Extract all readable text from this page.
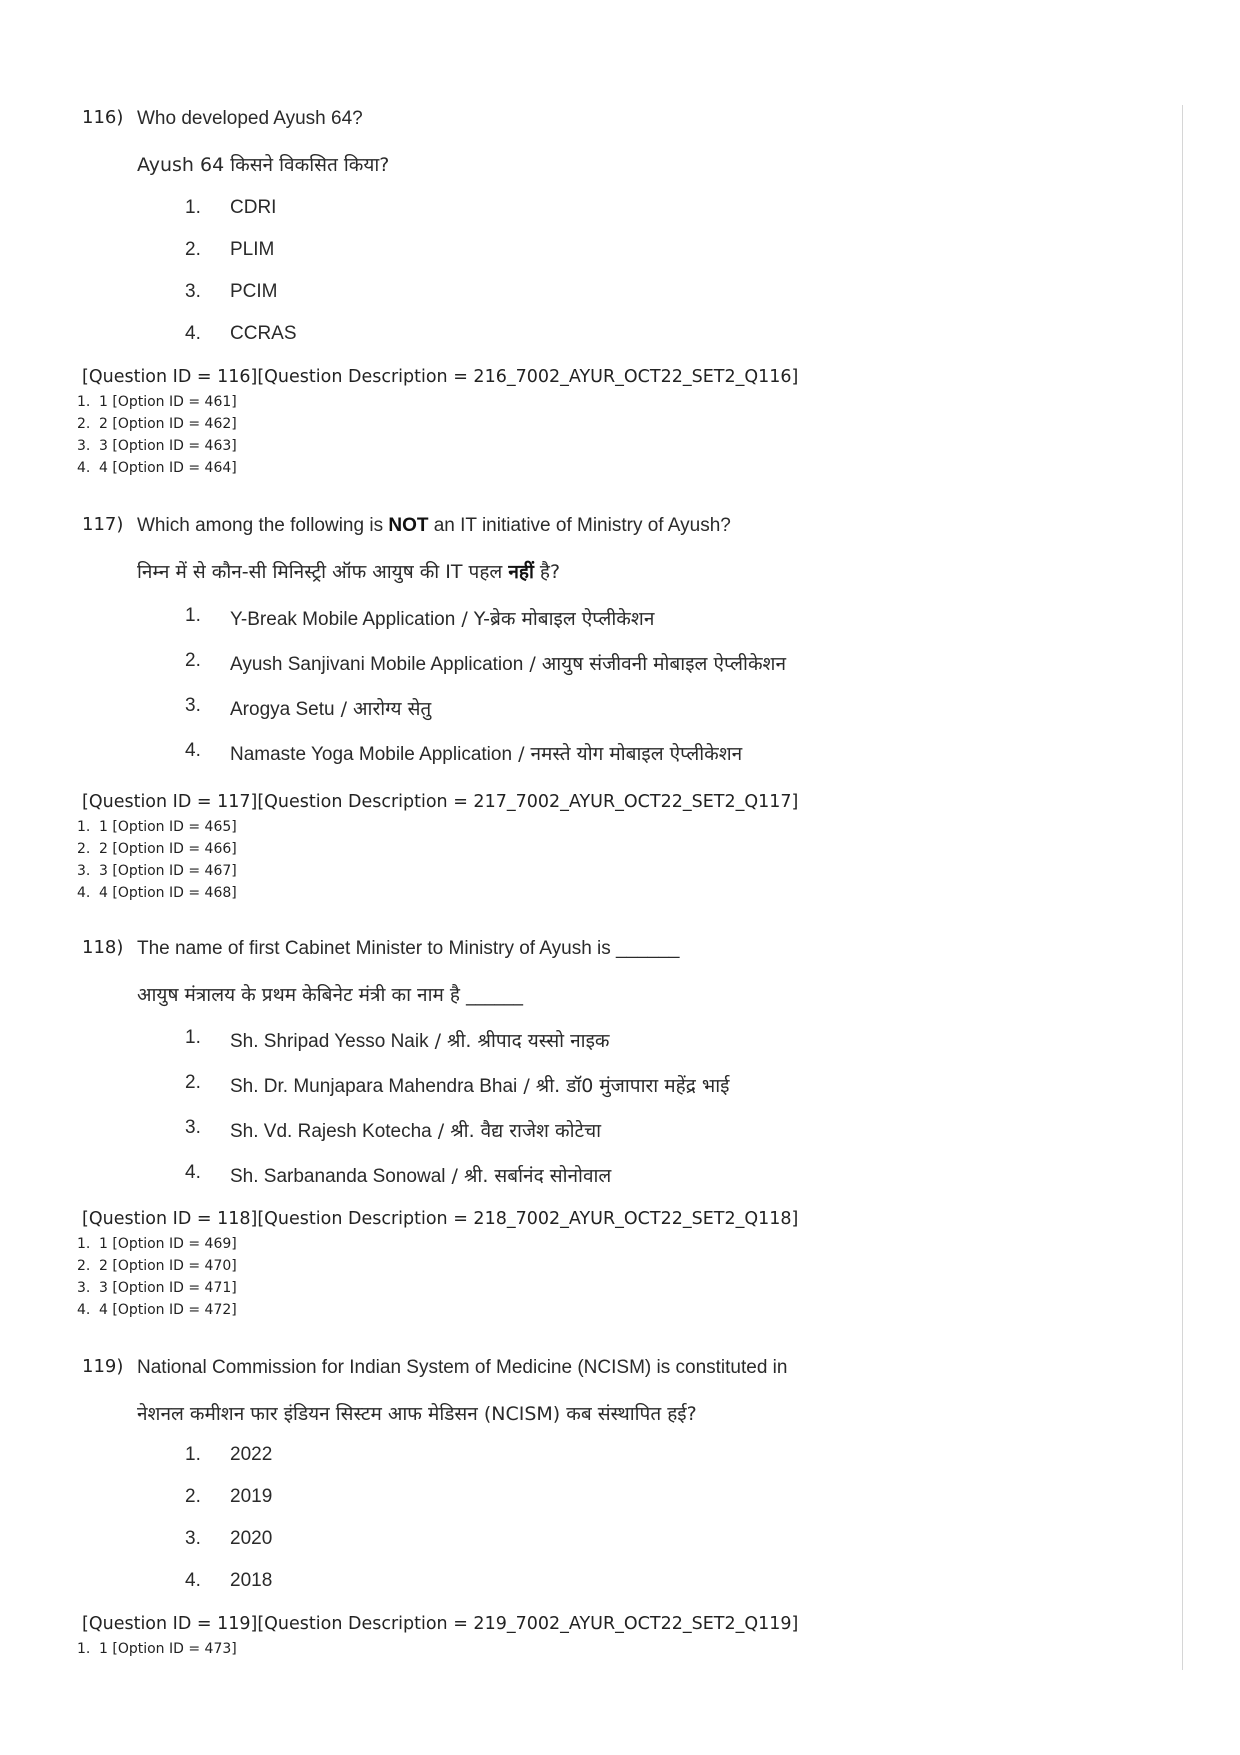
116) Who developed Ayush 64?
Ayush 64 किसने विकसित किया?
1. CDRI
2. PLIM
3. PCIM
4. CCRAS
[Question ID = 116][Question Description = 216_7002_AYUR_OCT22_SET2_Q116]
1. 1 [Option ID = 461]
2. 2 [Option ID = 462]
3. 3 [Option ID = 463]
4. 4 [Option ID = 464]
117) Which among the following is NOT an IT initiative of Ministry of Ayush?
निम्न में से कौन-सी मिनिस्ट्री ऑफ आयुष की IT पहल नहीं है?
1. Y-Break Mobile Application / Y-ब्रेक मोबाइल ऐप्लीकेशन
2. Ayush Sanjivani Mobile Application / आयुष संजीवनी मोबाइल ऐप्लीकेशन
3. Arogya Setu / आरोग्य सेतु
4. Namaste Yoga Mobile Application / नमस्ते योग मोबाइल ऐप्लीकेशन
[Question ID = 117][Question Description = 217_7002_AYUR_OCT22_SET2_Q117]
1. 1 [Option ID = 465]
2. 2 [Option ID = 466]
3. 3 [Option ID = 467]
4. 4 [Option ID = 468]
118) The name of first Cabinet Minister to Ministry of Ayush is ______
आयुष मंत्रालय के प्रथम केबिनेट मंत्री का नाम है ______
1. Sh. Shripad Yesso Naik / श्री. श्रीपाद यस्सो नाइक
2. Sh. Dr. Munjapara Mahendra Bhai / श्री. डॉ0 मुंजापारा महेंद्र भाई
3. Sh. Vd. Rajesh Kotecha / श्री. वैद्य राजेश कोटेचा
4. Sh. Sarbananda Sonowal / श्री. सर्बानंद सोनोवाल
[Question ID = 118][Question Description = 218_7002_AYUR_OCT22_SET2_Q118]
1. 1 [Option ID = 469]
2. 2 [Option ID = 470]
3. 3 [Option ID = 471]
4. 4 [Option ID = 472]
119) National Commission for Indian System of Medicine (NCISM) is constituted in
नेशनल कमीशन फार इंडियन सिस्टम आफ मेडिसन (NCISM) कब संस्थापित हई?
1. 2022
2. 2019
3. 2020
4. 2018
[Question ID = 119][Question Description = 219_7002_AYUR_OCT22_SET2_Q119]
1. 1 [Option ID = 473]
